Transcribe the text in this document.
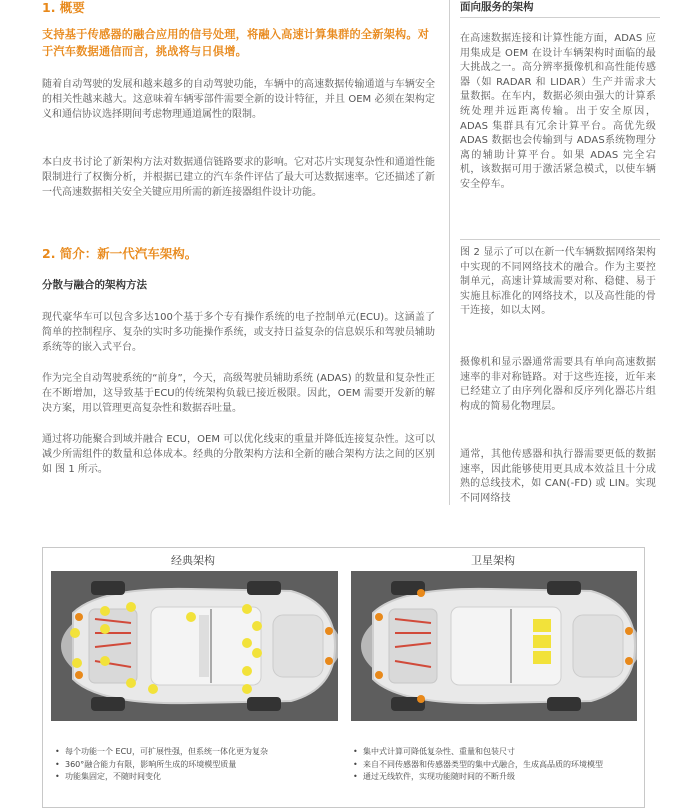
1. 概要
支持基于传感器的融合应用的信号处理，将融入高速计算集群的全新架构。对于汽车数据通信而言，挑战将与日俱增。
随着自动驾驶的发展和越来越多的自动驾驶功能，车辆中的高速数据传输通道与车辆安全的相关性越来越大。这意味着车辆零部件需要全新的设计特征，并且 OEM 必须在架构定义和通信协议选择期间考虑物理通道属性的限制。
本白皮书讨论了新架构方法对数据通信链路要求的影响。它对芯片实现复杂性和通道性能限制进行了权衡分析，并根据已建立的汽车条件评估了最大可达数据速率。它还描述了新一代高速数据相关安全关键应用所需的新连接器组件设计功能。
2. 简介：新一代汽车架构。
分散与融合的架构方法
现代豪华车可以包含多达100个基于多个专有操作系统的电子控制单元(ECU)。这涵盖了简单的控制程序、复杂的实时多功能操作系统，或支持日益复杂的信息娱乐和驾驶员辅助系统等的嵌入式平台。
作为完全自动驾驶系统的“前身”，今天，高级驾驶员辅助系统 (ADAS) 的数量和复杂性正在不断增加，这导致基于ECU的传统架构负载已接近极限。因此，OEM 需要开发新的解决方案，用以管理更高复杂性和数据吞吐量。
通过将功能聚合到域并融合 ECU，OEM 可以优化线束的重量并降低连接复杂性。这可以减少所需组件的数量和总体成本。经典的分散架构方法和全新的融合架构方法之间的区别如 图 1 所示。
面向服务的架构
在高速数据连接和计算性能方面，ADAS 应用集成是 OEM 在设计车辆架构时面临的最大挑战之一。高分辨率摄像机和高性能传感器（如 RADAR 和 LIDAR）生产并需求大量数据。在车内，数据必须由强大的计算系统处理并远距离传输。出于安全原因，ADAS 集群具有冗余计算平台。高优先级 ADAS 数据也会传输到与 ADAS系统物理分离的辅助计算平台。如果 ADAS 完全宕机，该数据可用于激活紧急模式，以使车辆安全停车。
图 2 显示了可以在新一代车辆数据网络架构中实现的不同网络技术的融合。作为主要控制单元，高速计算域需要对称、稳健、易于实施且标准化的网络技术，以及高性能的骨干连接，如以太网。
摄像机和显示器通常需要具有单向高速数据速率的非对称链路。对于这些连接，近年来已经建立了由序列化器和反序列化器芯片组构成的简易化物理层。
通常，其他传感器和执行器需要更低的数据速率，因此能够使用更具成本效益且十分成熟的总线技术，如 CAN(-FD) 或 LIN。实现不同网络技
经典架构
• 每个功能一个 ECU，可扩展性强，但系统一体化更为复杂
• 360°融合能力有限，影响所生成的环境模型质量
• 功能集固定，不随时间变化
卫星架构
• 集中式计算可降低复杂性、重量和包装尺寸
• 来自不同传感器和传感器类型的集中式融合，生成高品质的环境模型
• 通过无线软件，实现功能随时间的不断升级
